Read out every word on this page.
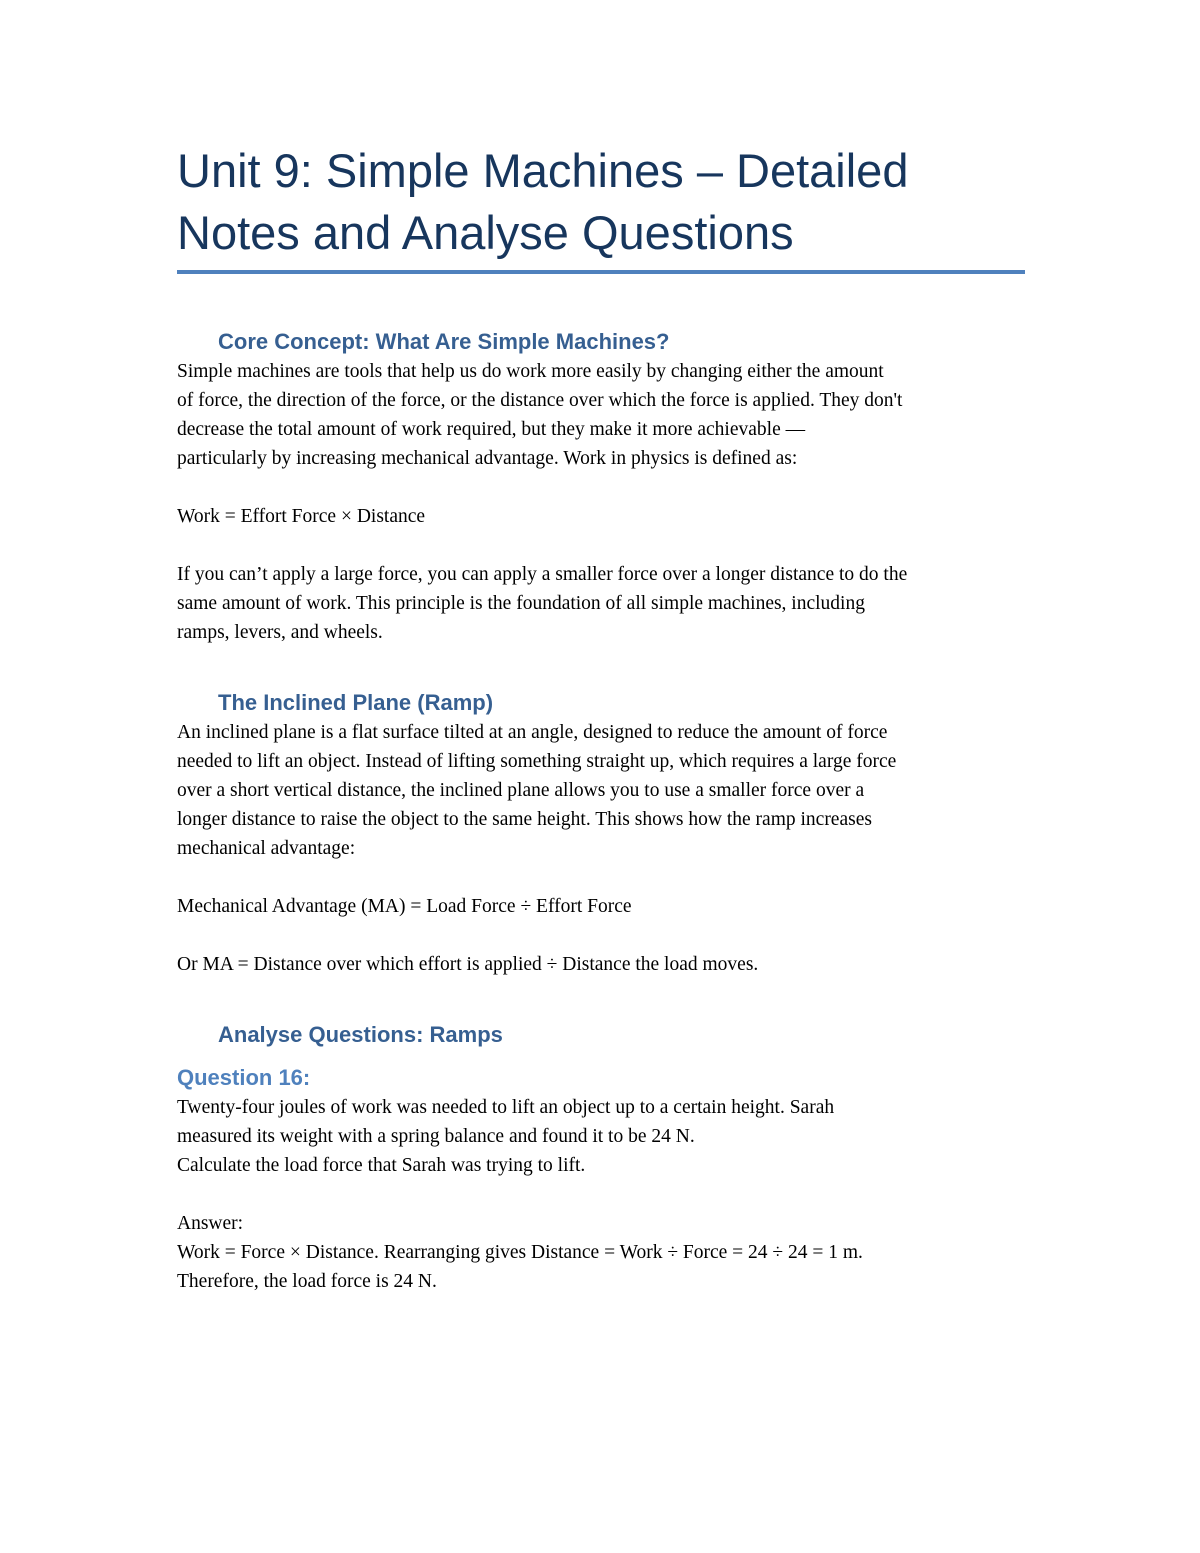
Unit 9: Simple Machines – Detailed
Notes and Analyse Questions
Core Concept: What Are Simple Machines?

Simple machines are tools that help us do work more easily by changing either the amount

of force, the direction of the force, or the distance over which the force is applied. They don't

decrease the total amount of work required, but they make it more achievable —

particularly by increasing mechanical advantage. Work in physics is defined as:

Work = Effort Force × Distance

If you can’t apply a large force, you can apply a smaller force over a longer distance to do the

same amount of work. This principle is the foundation of all simple machines, including

ramps, levers, and wheels.

The Inclined Plane (Ramp)

An inclined plane is a flat surface tilted at an angle, designed to reduce the amount of force

needed to lift an object. Instead of lifting something straight up, which requires a large force

over a short vertical distance, the inclined plane allows you to use a smaller force over a

longer distance to raise the object to the same height. This shows how the ramp increases

mechanical advantage:

Mechanical Advantage (MA) = Load Force ÷ Effort Force

Or MA = Distance over which effort is applied ÷ Distance the load moves.

Analyse Questions: Ramps
Question 16:

Twenty-four joules of work was needed to lift an object up to a certain height. Sarah

measured its weight with a spring balance and found it to be 24 N.

Calculate the load force that Sarah was trying to lift.

Answer:

Work = Force × Distance. Rearranging gives Distance = Work ÷ Force = 24 ÷ 24 = 1 m.

Therefore, the load force is 24 N.
